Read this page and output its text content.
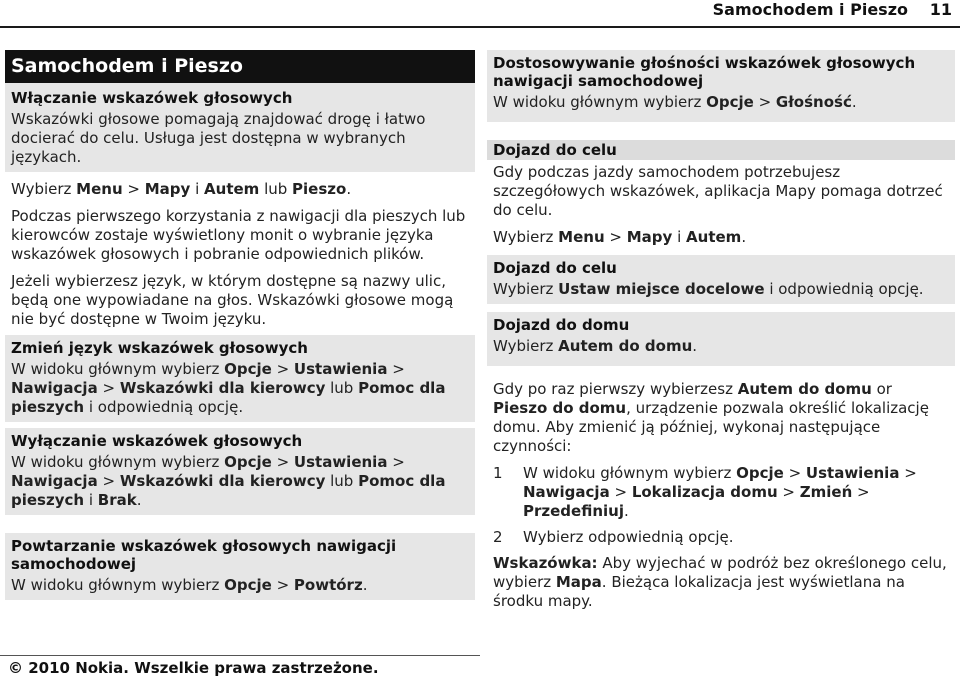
Samochodem i Pieszo 11
Samochodem i Pieszo
Włączanie wskazówek głosowych
Wskazówki głosowe pomagają znajdować drogę i łatwo docierać do celu. Usługa jest dostępna w wybranych językach.
Wybierz Menu > Mapy i Autem lub Pieszo.
Podczas pierwszego korzystania z nawigacji dla pieszych lub kierowców zostaje wyświetlony monit o wybranie języka wskazówek głosowych i pobranie odpowiednich plików.
Jeżeli wybierzesz język, w którym dostępne są nazwy ulic, będą one wypowiadane na głos. Wskazówki głosowe mogą nie być dostępne w Twoim języku.
Zmień język wskazówek głosowych
W widoku głównym wybierz Opcje > Ustawienia > Nawigacja > Wskazówki dla kierowcy lub Pomoc dla pieszych i odpowiednią opcję.
Wyłączanie wskazówek głosowych
W widoku głównym wybierz Opcje > Ustawienia > Nawigacja > Wskazówki dla kierowcy lub Pomoc dla pieszych i Brak.
Powtarzanie wskazówek głosowych nawigacji samochodowej
W widoku głównym wybierz Opcje > Powtórz.
Dostosowywanie głośności wskazówek głosowych nawigacji samochodowej
W widoku głównym wybierz Opcje > Głośność.
Dojazd do celu
Gdy podczas jazdy samochodem potrzebujesz szczegółowych wskazówek, aplikacja Mapy pomaga dotrzeć do celu.
Wybierz Menu > Mapy i Autem.
Dojazd do celu
Wybierz Ustaw miejsce docelowe i odpowiednią opcję.
Dojazd do domu
Wybierz Autem do domu.
Gdy po raz pierwszy wybierzesz Autem do domu or Pieszo do domu, urządzenie pozwala określić lokalizację domu. Aby zmienić ją później, wykonaj następujące czynności:
1	W widoku głównym wybierz Opcje > Ustawienia > Nawigacja > Lokalizacja domu > Zmień > Przedefiniuj.
2	Wybierz odpowiednią opcję.
Wskazówka: Aby wyjechać w podróż bez określonego celu, wybierz Mapa. Bieżąca lokalizacja jest wyświetlana na środku mapy.
© 2010 Nokia. Wszelkie prawa zastrzeżone.
